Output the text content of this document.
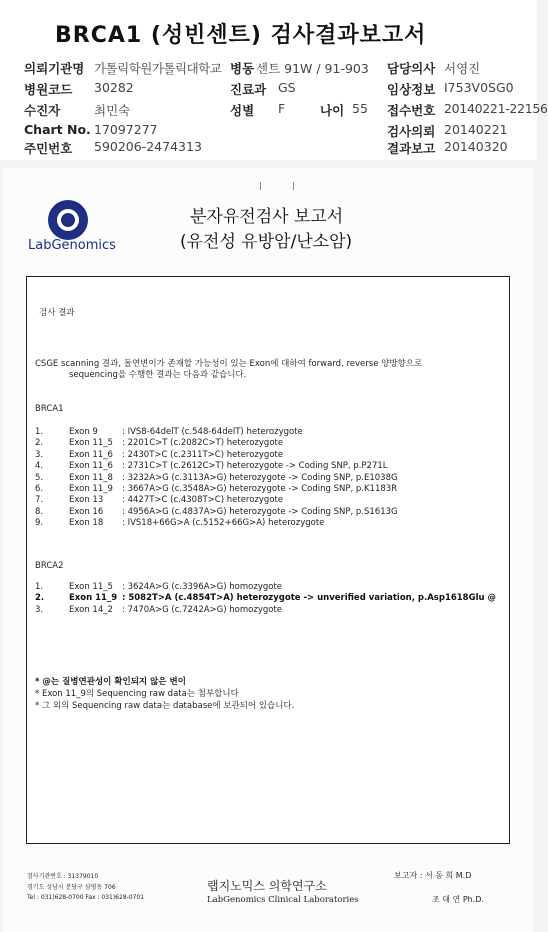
BRCA1 (성빈센트) 검사결과보고서
의뢰기관명 가톨릭학원가톨릭대학교 병동 센트 91W / 91-903 담당의사 서영진
병원코드 30282	진료과 GS	임상정보 I753V0SG0
수진자	최민숙	성별 F	나이 55 접수번호 20140221-22156
Chart No. 17097277	검사의뢰 20140221
주민번호 590206-2474313	결과보고 20140320
|	|
LabGenomics
분자유전검사 보고서
(유전성 유방암/난소암)
검사 결과
CSGE scanning 결과, 돌연변이가 존재할 가능성이 있는 Exon에 대하여 forward, reverse 양방향으로
sequencing을 수행한 결과는 다음과 같습니다.
BRCA1
1.	Exon 9	: IVS8-64delT (c.548-64delT) heterozygote
2.	Exon 11_5 : 2201C>T (c.2082C>T) heterozygote
3.	Exon 11_6 : 2430T>C (c.2311T>C) heterozygote
4.	Exon 11_6 : 2731C>T (c.2612C>T) heterozygote -> Coding SNP, p.P271L
5.	Exon 11_8 : 3232A>G (c.3113A>G) heterozygote -> Coding SNP, p.E1038G
6.	Exon 11_9 : 3667A>G (c.3548A>G) heterozygote -> Coding SNP, p.K1183R
7.	Exon 13 : 4427T>C (c.4308T>C) heterozygote
8.	Exon 16 : 4956A>G (c.4837A>G) heterozygote -> Coding SNP, p.S1613G
9.	Exon 18 : IVS18+66G>A (c.5152+66G>A) heterozygote
BRCA2
1.	Exon 11_5 : 3624A>G (c.3396A>G) homozygote
2.	Exon 11_9 : 5082T>A (c.4854T>A) heterozygote -> unverified variation, p.Asp1618Glu @
3.	Exon 14_2 : 7470A>G (c.7242A>G) homozygote
* @는 질병연관성이 확인되지 않은 변이
* Exon 11_9의 Sequencing raw data는 첨부합니다
* 그 외의 Sequencing raw data는 database에 보관되어 있습니다.
검사기관번호 : 31379010
경기도 성남시 분당구 삼평동 706
Tel : 031)628-0700 Fax : 031)628-0701
랩지노믹스 의학연구소
LabGenomics Clinical Laboratories
보고자 : 서 동 희 M.D
조 대 연 Ph.D.
